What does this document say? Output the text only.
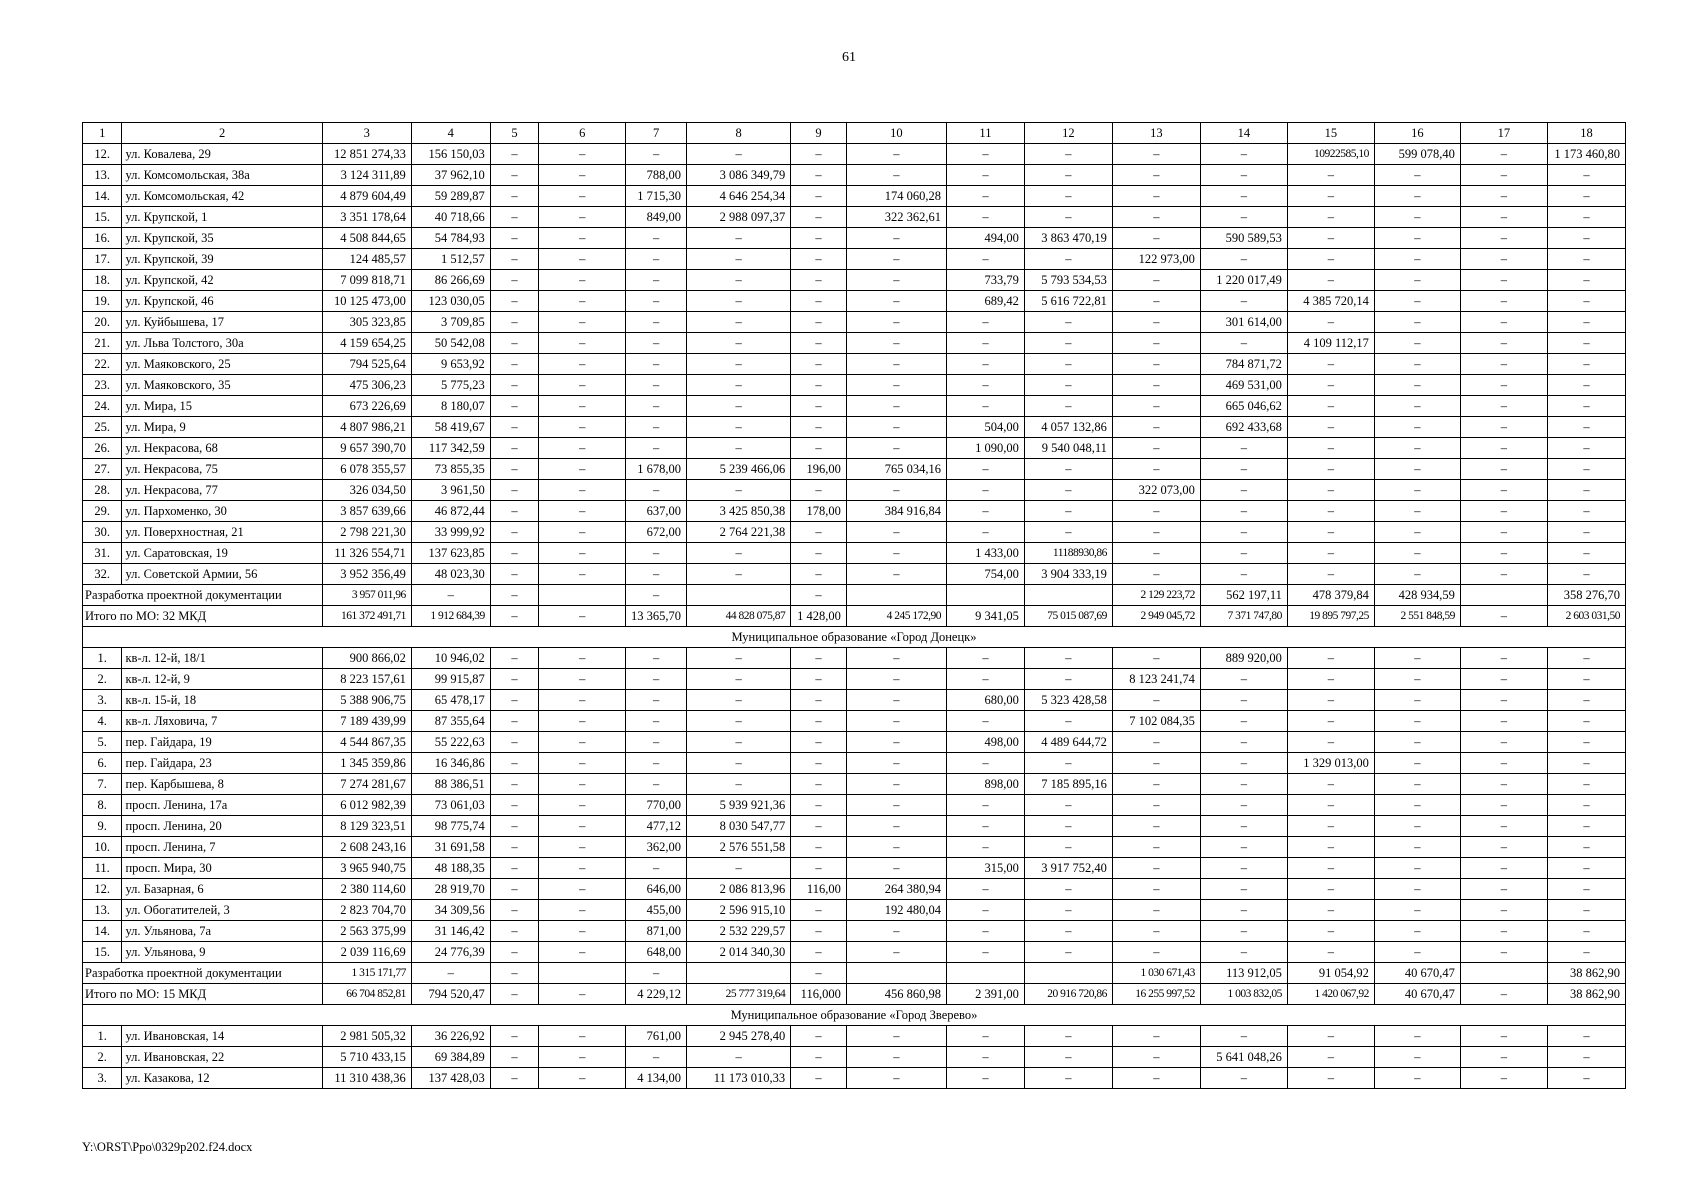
61
1	2	3	4	5	6	7	8	9	10	11	12	13	14	15	16	17	18
12.	ул. Ковалева, 29	12 851 274,33	156 150,03	–	–	–	–	–	–	–	–	–	–	10922585,10	599 078,40	–	1 173 460,80
13.	ул. Комсомольская, 38а	3 124 311,89	37 962,10	–	–	788,00	3 086 349,79	–	–	–	–	–	–	–	–	–	–
14.	ул. Комсомольская, 42	4 879 604,49	59 289,87	–	–	1 715,30	4 646 254,34	–	174 060,28	–	–	–	–	–	–	–	–
15.	ул. Крупской, 1	3 351 178,64	40 718,66	–	–	849,00	2 988 097,37	–	322 362,61	–	–	–	–	–	–	–	–
16.	ул. Крупской, 35	4 508 844,65	54 784,93	–	–	–	–	–	–	494,00	3 863 470,19	–	590 589,53	–	–	–	–
17.	ул. Крупской, 39	124 485,57	1 512,57	–	–	–	–	–	–	–	–	122 973,00	–	–	–	–	–
18.	ул. Крупской, 42	7 099 818,71	86 266,69	–	–	–	–	–	–	733,79	5 793 534,53	–	1 220 017,49	–	–	–	–
19.	ул. Крупской, 46	10 125 473,00	123 030,05	–	–	–	–	–	–	689,42	5 616 722,81	–	–	4 385 720,14	–	–	–
20.	ул. Куйбышева, 17	305 323,85	3 709,85	–	–	–	–	–	–	–	–	–	301 614,00	–	–	–	–
21.	ул. Льва Толстого, 30а	4 159 654,25	50 542,08	–	–	–	–	–	–	–	–	–	–	4 109 112,17	–	–	–
22.	ул. Маяковского, 25	794 525,64	9 653,92	–	–	–	–	–	–	–	–	–	784 871,72	–	–	–	–
23.	ул. Маяковского, 35	475 306,23	5 775,23	–	–	–	–	–	–	–	–	–	469 531,00	–	–	–	–
24.	ул. Мира, 15	673 226,69	8 180,07	–	–	–	–	–	–	–	–	–	665 046,62	–	–	–	–
25.	ул. Мира, 9	4 807 986,21	58 419,67	–	–	–	–	–	–	504,00	4 057 132,86	–	692 433,68	–	–	–	–
26.	ул. Некрасова, 68	9 657 390,70	117 342,59	–	–	–	–	–	–	1 090,00	9 540 048,11	–	–	–	–	–	–
27.	ул. Некрасова, 75	6 078 355,57	73 855,35	–	–	1 678,00	5 239 466,06	196,00	765 034,16	–	–	–	–	–	–	–	–
28.	ул. Некрасова, 77	326 034,50	3 961,50	–	–	–	–	–	–	–	–	322 073,00	–	–	–	–	–
29.	ул. Пархоменко, 30	3 857 639,66	46 872,44	–	–	637,00	3 425 850,38	178,00	384 916,84	–	–	–	–	–	–	–	–
30.	ул. Поверхностная, 21	2 798 221,30	33 999,92	–	–	672,00	2 764 221,38	–	–	–	–	–	–	–	–	–	–
31.	ул. Саратовская, 19	11 326 554,71	137 623,85	–	–	–	–	–	–	1 433,00	11188930,86	–	–	–	–	–	–
32.	ул. Советской Армии, 56	3 952 356,49	48 023,30	–	–	–	–	–	–	754,00	3 904 333,19	–	–	–	–	–	–
Разработка проектной документации		3 957 011,96	–	–		–		–				2 129 223,72	562 197,11	478 379,84	428 934,59		358 276,70
Итого по МО: 32 МКД		161 372 491,71	1 912 684,39	–	–	13 365,70	44 828 075,87	1 428,00	4 245 172,90	9 341,05	75 015 087,69	2 949 045,72	7 371 747,80	19 895 797,25	2 551 848,59	–	2 603 031,50
Муниципальное образование «Город Донецк»																	
1.	кв-л. 12-й, 18/1	900 866,02	10 946,02	–	–	–	–	–	–	–	–	–	889 920,00	–	–	–	–
2.	кв-л. 12-й, 9	8 223 157,61	99 915,87	–	–	–	–	–	–	–	–	8 123 241,74	–	–	–	–	–
3.	кв-л. 15-й, 18	5 388 906,75	65 478,17	–	–	–	–	–	–	680,00	5 323 428,58	–	–	–	–	–	–
4.	кв-л. Ляховича, 7	7 189 439,99	87 355,64	–	–	–	–	–	–	–	–	7 102 084,35	–	–	–	–	–
5.	пер. Гайдара, 19	4 544 867,35	55 222,63	–	–	–	–	–	–	498,00	4 489 644,72	–	–	–	–	–	–
6.	пер. Гайдара, 23	1 345 359,86	16 346,86	–	–	–	–	–	–	–	–	–	–	1 329 013,00	–	–	–
7.	пер. Карбышева, 8	7 274 281,67	88 386,51	–	–	–	–	–	–	898,00	7 185 895,16	–	–	–	–	–	–
8.	просп. Ленина, 17а	6 012 982,39	73 061,03	–	–	770,00	5 939 921,36	–	–	–	–	–	–	–	–	–	–
9.	просп. Ленина, 20	8 129 323,51	98 775,74	–	–	477,12	8 030 547,77	–	–	–	–	–	–	–	–	–	–
10.	просп. Ленина, 7	2 608 243,16	31 691,58	–	–	362,00	2 576 551,58	–	–	–	–	–	–	–	–	–	–
11.	просп. Мира, 30	3 965 940,75	48 188,35	–	–	–	–	–	–	315,00	3 917 752,40	–	–	–	–	–	–
12.	ул. Базарная, 6	2 380 114,60	28 919,70	–	–	646,00	2 086 813,96	116,00	264 380,94	–	–	–	–	–	–	–	–
13.	ул. Обогатителей, 3	2 823 704,70	34 309,56	–	–	455,00	2 596 915,10	–	192 480,04	–	–	–	–	–	–	–	–
14.	ул. Ульянова, 7а	2 563 375,99	31 146,42	–	–	871,00	2 532 229,57	–	–	–	–	–	–	–	–	–	–
15.	ул. Ульянова, 9	2 039 116,69	24 776,39	–	–	648,00	2 014 340,30	–	–	–	–	–	–	–	–	–	–
Разработка проектной документации		1 315 171,77	–	–		–		–				1 030 671,43	113 912,05	91 054,92	40 670,47		38 862,90
Итого по МО: 15 МКД		66 704 852,81	794 520,47	–	–	4 229,12	25 777 319,64	116,000	456 860,98	2 391,00	20 916 720,86	16 255 997,52	1 003 832,05	1 420 067,92	40 670,47	–	38 862,90
Муниципальное образование «Город Зверево»																	
1.	ул. Ивановская, 14	2 981 505,32	36 226,92	–	–	761,00	2 945 278,40	–	–	–	–	–	–	–	–	–	–
2.	ул. Ивановская, 22	5 710 433,15	69 384,89	–	–	–	–	–	–	–	–	–	5 641 048,26	–	–	–	–
3.	ул. Казакова, 12	11 310 438,36	137 428,03	–	–	4 134,00	11 173 010,33	–	–	–	–	–	–	–	–	–	–
Y:\ORST\Ppo\0329p202.f24.docx
